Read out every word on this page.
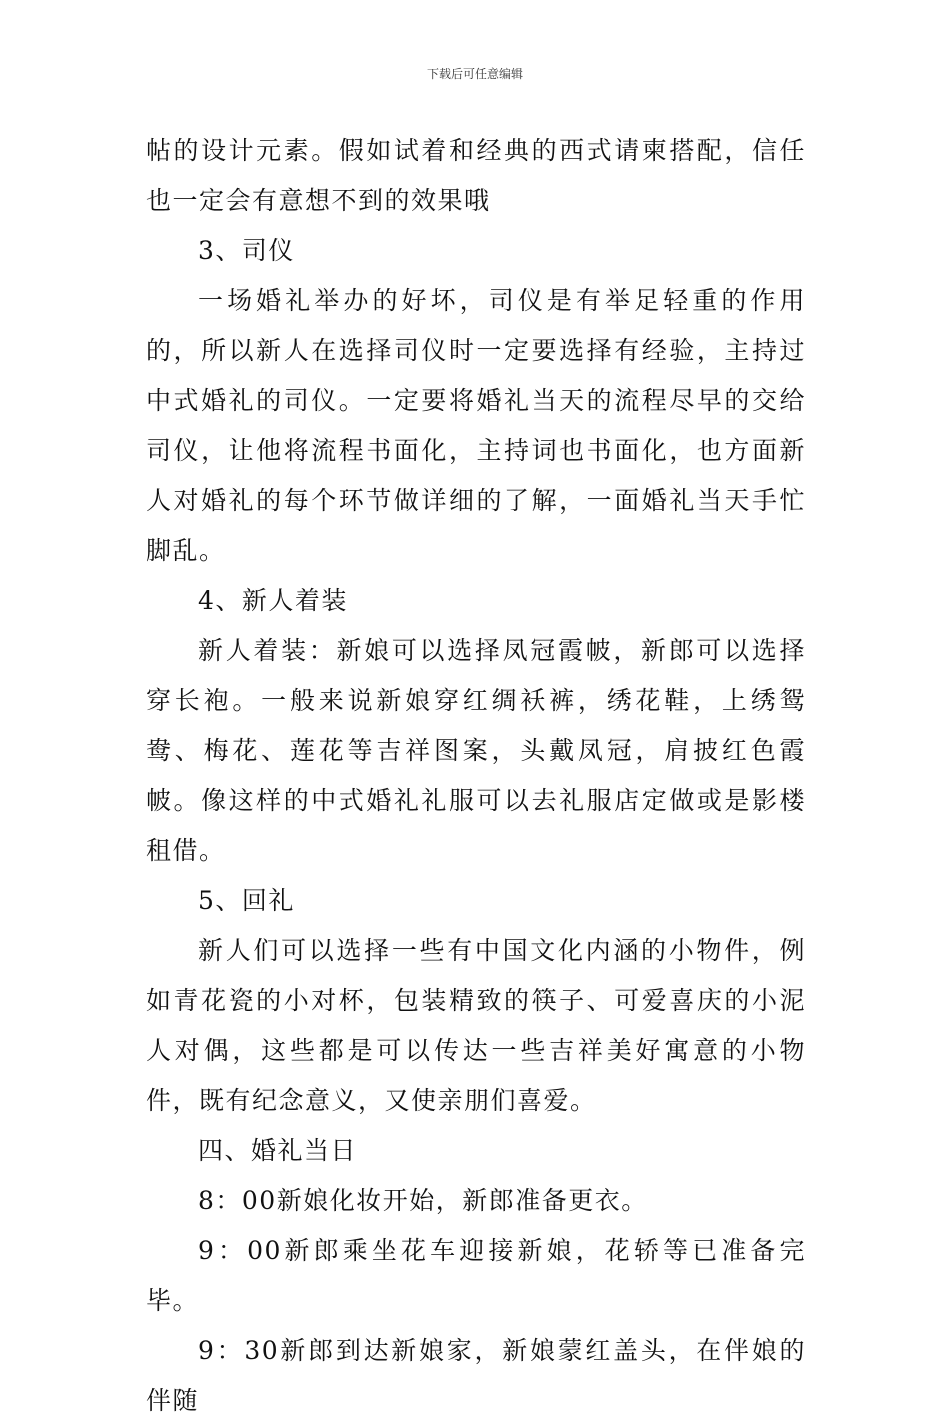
下载后可任意编辑

帖的设计元素。假如试着和经典的西式请柬搭配，信任也一定会有意想不到的效果哦

3、司仪

一场婚礼举办的好坏，司仪是有举足轻重的作用的，所以新人在选择司仪时一定要选择有经验，主持过中式婚礼的司仪。一定要将婚礼当天的流程尽早的交给司仪，让他将流程书面化，主持词也书面化，也方面新人对婚礼的每个环节做详细的了解，一面婚礼当天手忙脚乱。

4、新人着装

新人着装：新娘可以选择凤冠霞帔，新郎可以选择穿长袍。一般来说新娘穿红绸袄裤，绣花鞋，上绣鸳鸯、梅花、莲花等吉祥图案，头戴凤冠，肩披红色霞帔。像这样的中式婚礼礼服可以去礼服店定做或是影楼租借。

5、回礼

新人们可以选择一些有中国文化内涵的小物件，例如青花瓷的小对杯，包装精致的筷子、可爱喜庆的小泥人对偶，这些都是可以传达一些吉祥美好寓意的小物件，既有纪念意义，又使亲朋们喜爱。

四、婚礼当日

8：00新娘化妆开始，新郎准备更衣。

9：00新郎乘坐花车迎接新娘，花轿等已准备完毕。

9：30新郎到达新娘家，新娘蒙红盖头，在伴娘的伴随
